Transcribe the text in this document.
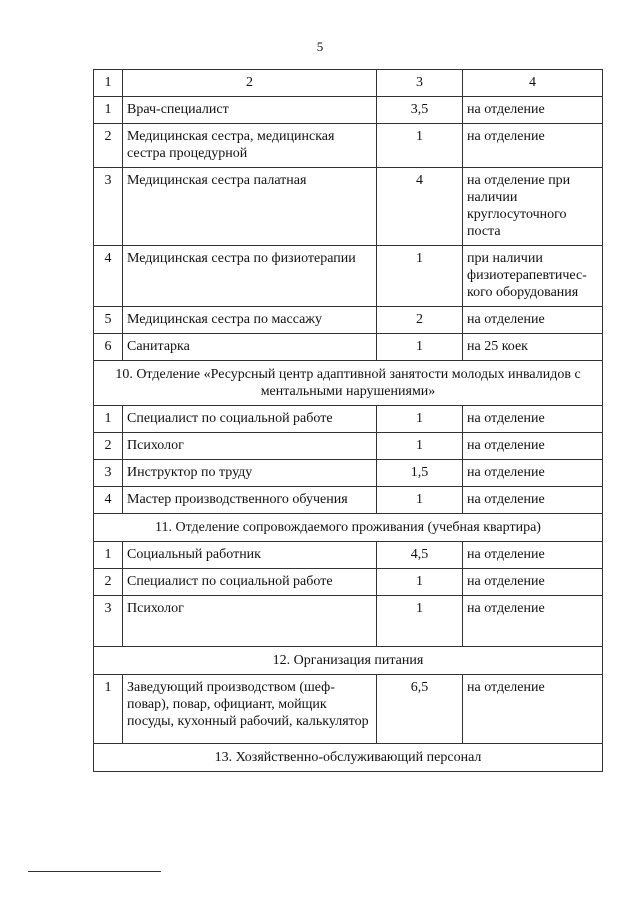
5
1	2	3	4
1	Врач-специалист	3,5	на отделение
2	Медицинская сестра, медицинская сестра процедурной	1	на отделение
3	Медицинская сестра палатная	4	на отделение при наличии круглосуточного поста
4	Медицинская сестра по физиотерапии	1	при наличии физиотерапевтичес-кого оборудования
5	Медицинская сестра по массажу	2	на отделение
6	Санитарка	1	на 25 коек
10. Отделение «Ресурсный центр адаптивной занятости молодых инвалидов с ментальными нарушениями»			
1	Специалист по социальной работе	1	на отделение
2	Психолог	1	на отделение
3	Инструктор по труду	1,5	на отделение
4	Мастер производственного обучения	1	на отделение
11. Отделение сопровождаемого проживания (учебная квартира)			
1	Социальный работник	4,5	на отделение
2	Специалист по социальной работе	1	на отделение
3	Психолог	1	на отделение
12. Организация питания			
1	Заведующий производством (шеф-повар), повар, официант, мойщик посуды, кухонный рабочий, калькулятор	6,5	на отделение
13. Хозяйственно-обслуживающий персонал			
